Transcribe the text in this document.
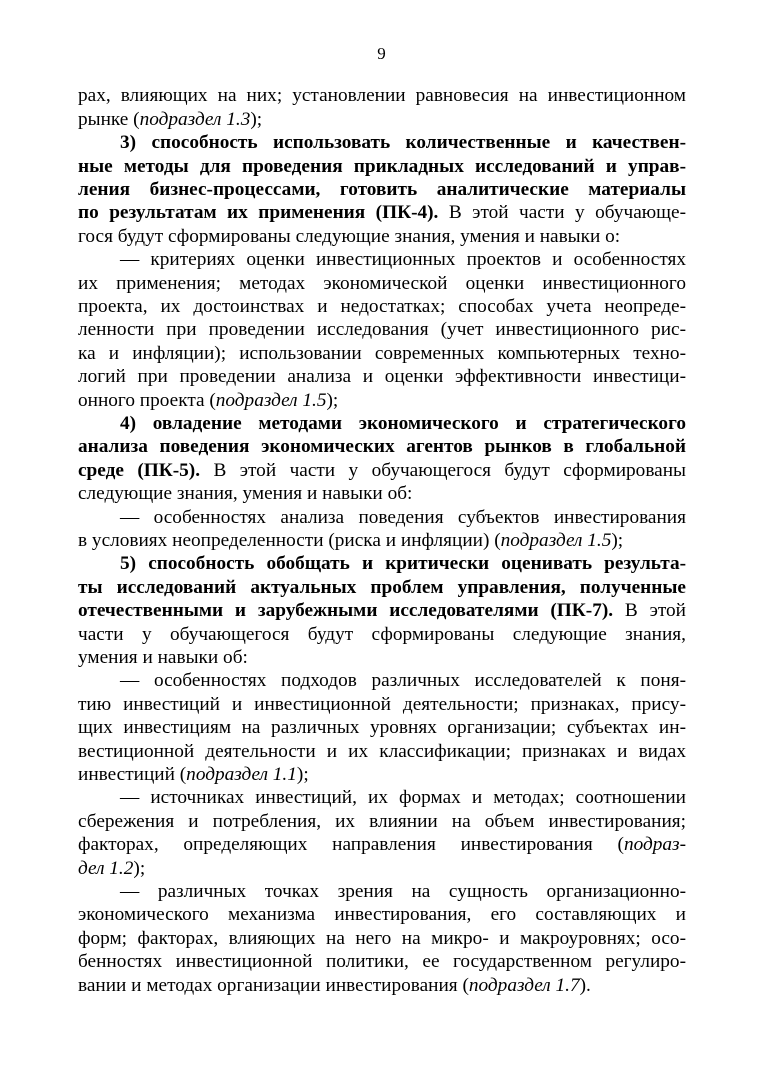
9
рах, влияющих на них; установлении равновесия на инвестиционном
рынке (подраздел 1.3);
3) способность использовать количественные и качествен-
ные методы для проведения прикладных исследований и управ-
ления бизнес-процессами, готовить аналитические материалы
по результатам их применения (ПК-4). В этой части у обучающе-
гося будут сформированы следующие знания, умения и навыки о:
— критериях оценки инвестиционных проектов и особенностях
их применения; методах экономической оценки инвестиционного
проекта, их достоинствах и недостатках; способах учета неопреде-
ленности при проведении исследования (учет инвестиционного рис-
ка и инфляции); использовании современных компьютерных техно-
логий при проведении анализа и оценки эффективности инвестици-
онного проекта (подраздел 1.5);
4) овладение методами экономического и стратегического
анализа поведения экономических агентов рынков в глобальной
среде (ПК-5). В этой части у обучающегося будут сформированы
следующие знания, умения и навыки об:
— особенностях анализа поведения субъектов инвестирования
в условиях неопределенности (риска и инфляции) (подраздел 1.5);
5) способность обобщать и критически оценивать результа-
ты исследований актуальных проблем управления, полученные
отечественными и зарубежными исследователями (ПК-7). В этой
части у обучающегося будут сформированы следующие знания,
умения и навыки об:
— особенностях подходов различных исследователей к поня-
тию инвестиций и инвестиционной деятельности; признаках, прису-
щих инвестициям на различных уровнях организации; субъектах ин-
вестиционной деятельности и их классификации; признаках и видах
инвестиций (подраздел 1.1);
— источниках инвестиций, их формах и методах; соотношении
сбережения и потребления, их влиянии на объем инвестирования;
факторах, определяющих направления инвестирования (подраз-
дел 1.2);
— различных точках зрения на сущность организационно-
экономического механизма инвестирования, его составляющих и
форм; факторах, влияющих на него на микро- и макроуровнях; осо-
бенностях инвестиционной политики, ее государственном регулиро-
вании и методах организации инвестирования (подраздел 1.7).
